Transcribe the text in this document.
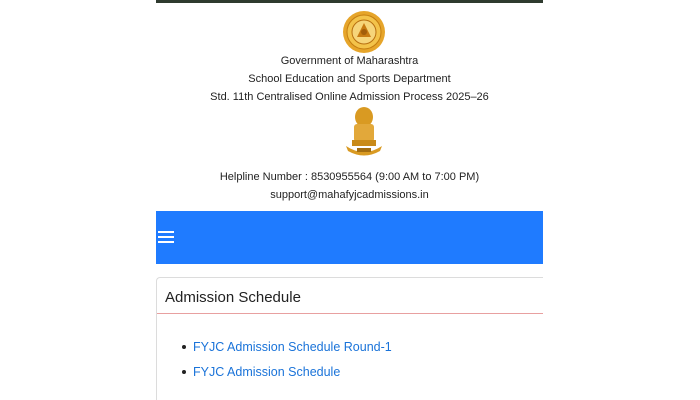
Government of Maharashtra
School Education and Sports Department
Std. 11th Centralised Online Admission Process 2025–26
Helpline Number : 8530955564 (9:00 AM to 7:00 PM)
support@mahafyjcadmissions.in
Admission Schedule
FYJC Admission Schedule Round-1
FYJC Admission Schedule
